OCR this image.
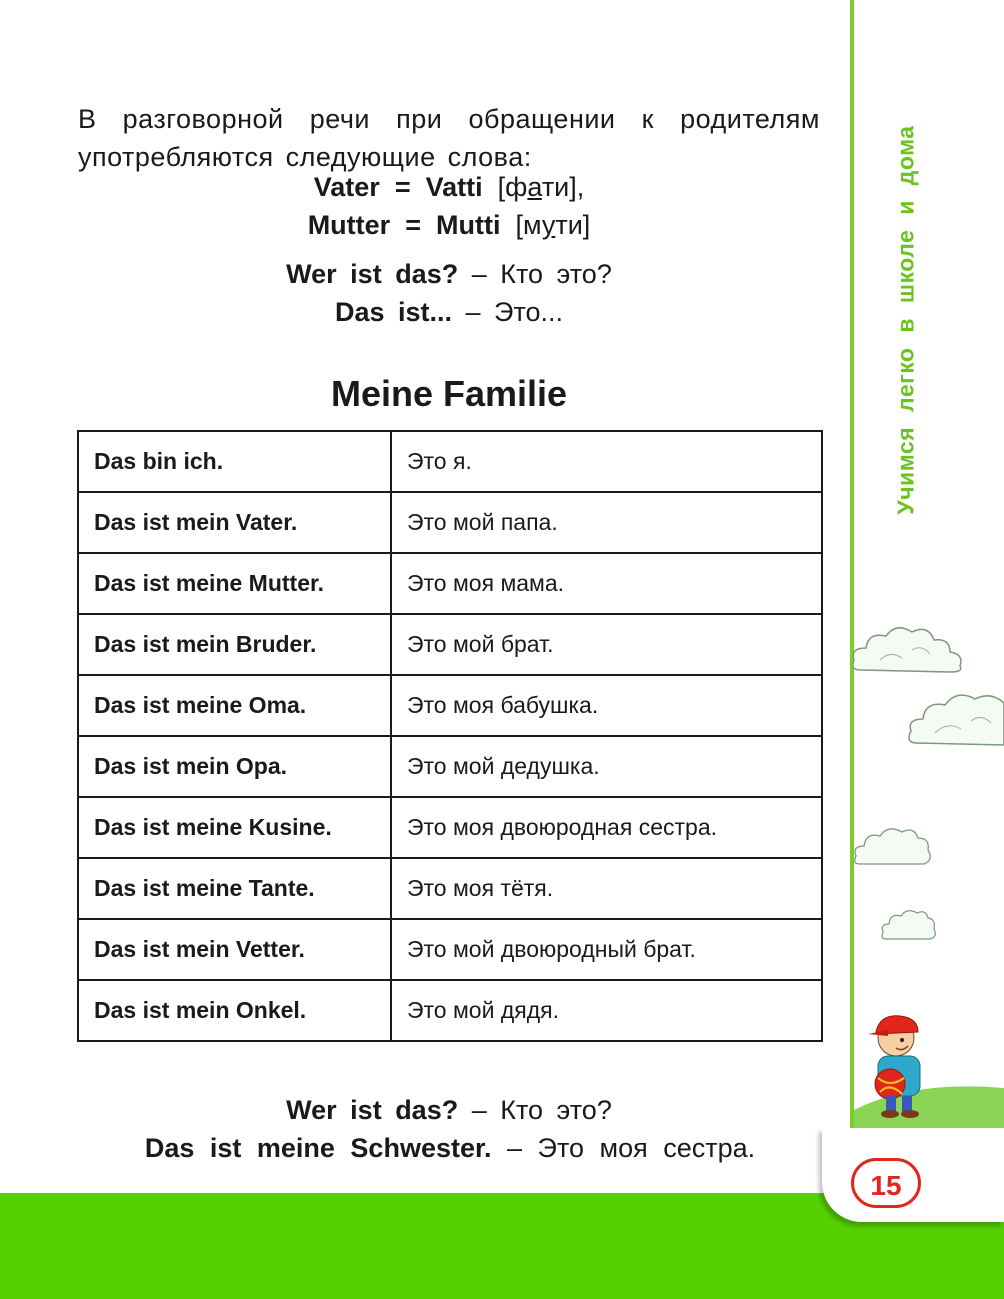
Учимся легко в школе и дома
15
В разговорной речи при обращении к родителям употребляются следующие слова:
Vater = Vatti [фати],
Mutter = Mutti [мути]
Wer ist das? – Кто это?
Das ist... – Это...
Meine Familie
Das bin ich.	Это я.
Das ist mein Vater.	Это мой папа.
Das ist meine Mutter.	Это моя мама.
Das ist mein Bruder.	Это мой брат.
Das ist meine Oma.	Это моя бабушка.
Das ist mein Opa.	Это мой дедушка.
Das ist meine Kusine.	Это моя двоюродная сестра.
Das ist meine Tante.	Это моя тётя.
Das ist mein Vetter.	Это мой двоюродный брат.
Das ist mein Onkel.	Это мой дядя.
Wer ist das? – Кто это?
Das ist meine Schwester. – Это моя сестра.
